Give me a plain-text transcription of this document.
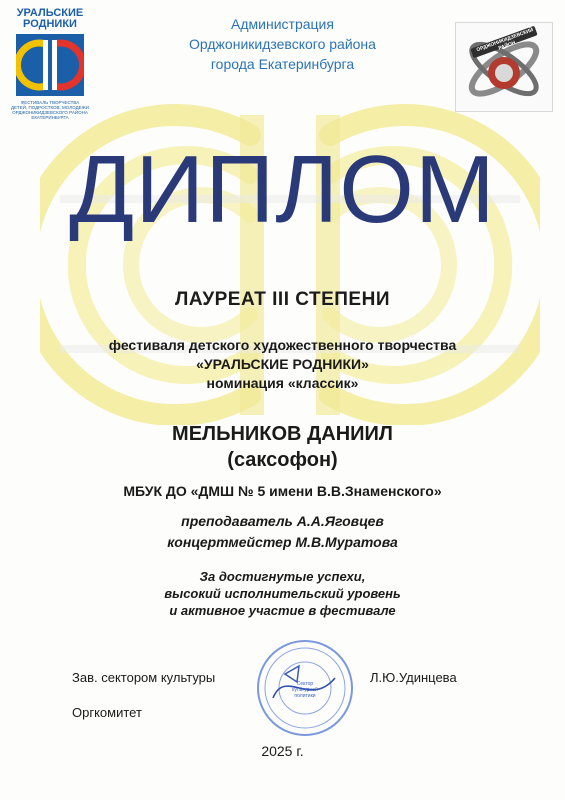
УРАЛЬСКИЕ
РОДНИКИ
ФЕСТИВАЛЬ ТВОРЧЕСТВА
ДЕТЕЙ, ПОДРОСТКОВ, МОЛОДЕЖИ
ОРДЖОНИКИДЗЕВСКОГО РАЙОНА ЕКАТЕРИНБУРГА
Администрация
Орджоникидзевского района
города Екатеринбурга
ОРДЖОНИКИДЗЕВСКИЙ РАЙОН
ДИПЛОМ
ЛАУРЕАТ III СТЕПЕНИ
фестиваля детского художественного творчества
«УРАЛЬСКИЕ РОДНИКИ»
номинация «классик»
МЕЛЬНИКОВ ДАНИИЛ
(саксофон)
МБУК ДО «ДМШ № 5 имени В.В.Знаменского»
преподаватель А.А.Яговцев
концертмейстер М.В.Муратова
За достигнутые успехи,
высокий исполнительский уровень
и активное участие в фестивале
Сектор
культурной
политики
Зав. сектором культуры	Л.Ю.Удинцева
Оргкомитет
2025 г.
